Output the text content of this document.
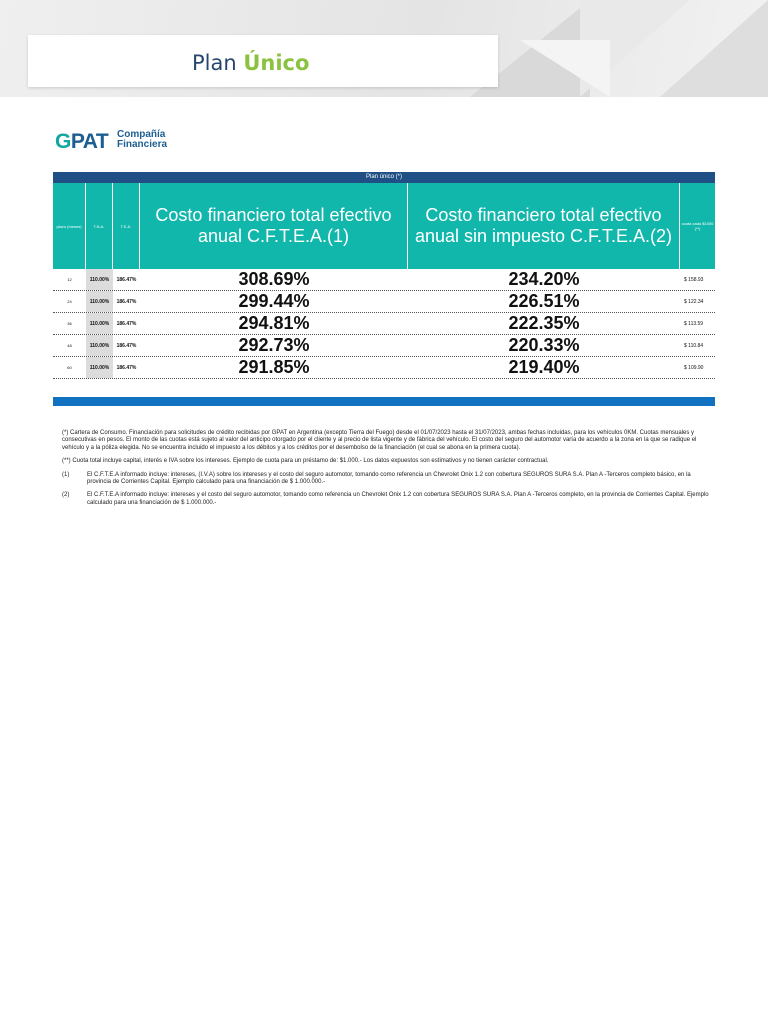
Plan Único
GPAT Compañía
Financiera
Plan único (*)
plazo (meses)	T.N.A.	T.E.A.
Costo financiero total efectivo anual C.F.T.E.A.(1)
Costo financiero total efectivo anual sin impuesto C.F.T.E.A.(2)
cuota cada $1000 (**)
12	110.00%	186.47%	308.69%	234.20%	$ 158.93
24	110.00%	186.47%	299.44%	226.51%	$ 122.34
36	110.00%	186.47%	294.81%	222.35%	$ 113.59
48	110.00%	186.47%	292.73%	220.33%	$ 110.84
60	110.00%	186.47%	291.85%	219.40%	$ 109.90

(*) Cartera de Consumo. Financiación para solicitudes de crédito recibidas por GPAT en Argentina (excepto Tierra del Fuego) desde el 01/07/2023 hasta el 31/07/2023, ambas fechas incluidas, para los vehículos 0KM. Cuotas mensuales y consecutivas en pesos. El monto de las cuotas está sujeto al valor del anticipo otorgado por el cliente y al precio de lista vigente y de fábrica del vehículo. El costo del seguro del automotor varía de acuerdo a la zona en la que se radique el vehículo y a la póliza elegida. No se encuentra incluido el impuesto a los débitos y a los créditos por el desembolso de la financiación (el cual se abona en la primera cuota).

(**) Cuota total incluye capital, interés e IVA sobre los intereses. Ejemplo de cuota para un préstamo de: $1.000.- Los datos expuestos son estimativos y no tienen carácter contractual.

(1)	El C.F.T.E.A informado incluye: intereses, (I.V.A) sobre los intereses y el costo del seguro automotor, tomando como referencia un Chevrolet Onix 1.2 con cobertura SEGUROS SURA S.A. Plan A -Terceros completo básico, en la provincia de Corrientes Capital. Ejemplo calculado para una financiación de $ 1.000.000.-
(2)	El C.F.T.E.A informado incluye: intereses y el costo del seguro automotor, tomando como referencia un Chevrolet Onix 1.2 con cobertura SEGUROS SURA S.A. Plan A -Terceros completo, en la provincia de Corrientes Capital. Ejemplo calculado para una financiación de $ 1.000.000.-
